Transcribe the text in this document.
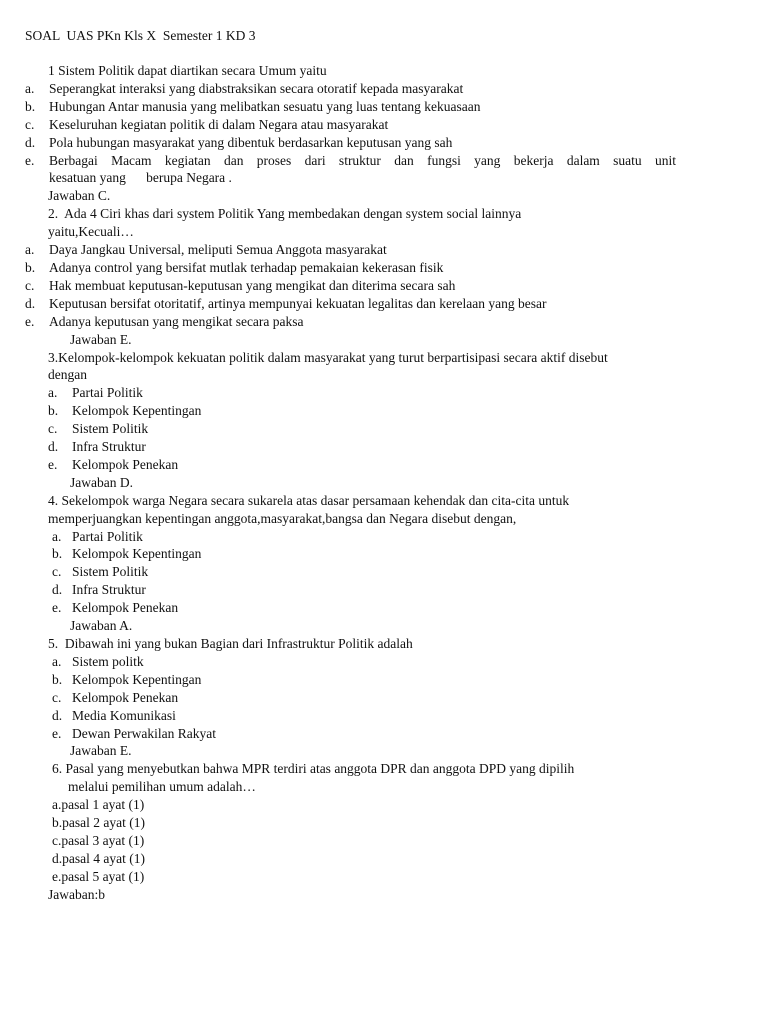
SOAL  UAS PKn Kls X  Semester 1 KD 3
1 Sistem Politik dapat diartikan secara Umum yaitu
a.	Seperangkat interaksi yang diabstraksikan secara otoratif kepada masyarakat
b.	Hubungan Antar manusia yang melibatkan sesuatu yang luas tentang kekuasaan
c.	Keseluruhan kegiatan politik di dalam Negara atau masyarakat
d.	Pola hubungan masyarakat yang dibentuk berdasarkan keputusan yang sah
e.	Berbagai Macam kegiatan dan proses dari struktur dan fungsi yang bekerja dalam suatu unit
kesatuan yang      berupa Negara .
Jawaban C.
2.  Ada 4 Ciri khas dari system Politik Yang membedakan dengan system social lainnya
yaitu,Kecuali…
a.	Daya Jangkau Universal, meliputi Semua Anggota masyarakat
b.	Adanya control yang bersifat mutlak terhadap pemakaian kekerasan fisik
c.	Hak membuat keputusan-keputusan yang mengikat dan diterima secara sah
d.	Keputusan bersifat otoritatif, artinya mempunyai kekuatan legalitas dan kerelaan yang besar
e.	Adanya keputusan yang mengikat secara paksa
Jawaban E.
3.Kelompok-kelompok kekuatan politik dalam masyarakat yang turut berpartisipasi secara aktif disebut
dengan
a.	Partai Politik
b.	Kelompok Kepentingan
c.	Sistem Politik
d.	Infra Struktur
e.	Kelompok Penekan
Jawaban D.
4. Sekelompok warga Negara secara sukarela atas dasar persamaan kehendak dan cita-cita untuk
memperjuangkan kepentingan anggota,masyarakat,bangsa dan Negara disebut dengan,
a. Partai Politik
b. Kelompok Kepentingan
c. Sistem Politik
d. Infra Struktur
e. Kelompok Penekan
Jawaban A.
5.  Dibawah ini yang bukan Bagian dari Infrastruktur Politik adalah
a. Sistem politk
b. Kelompok Kepentingan
c. Kelompok Penekan
d. Media Komunikasi
e. Dewan Perwakilan Rakyat
Jawaban E.
6. Pasal yang menyebutkan bahwa MPR terdiri atas anggota DPR dan anggota DPD yang dipilih
melalui pemilihan umum adalah…
a.pasal 1 ayat (1)
b.pasal 2 ayat (1)
c.pasal 3 ayat (1)
d.pasal 4 ayat (1)
e.pasal 5 ayat (1)
Jawaban:b
